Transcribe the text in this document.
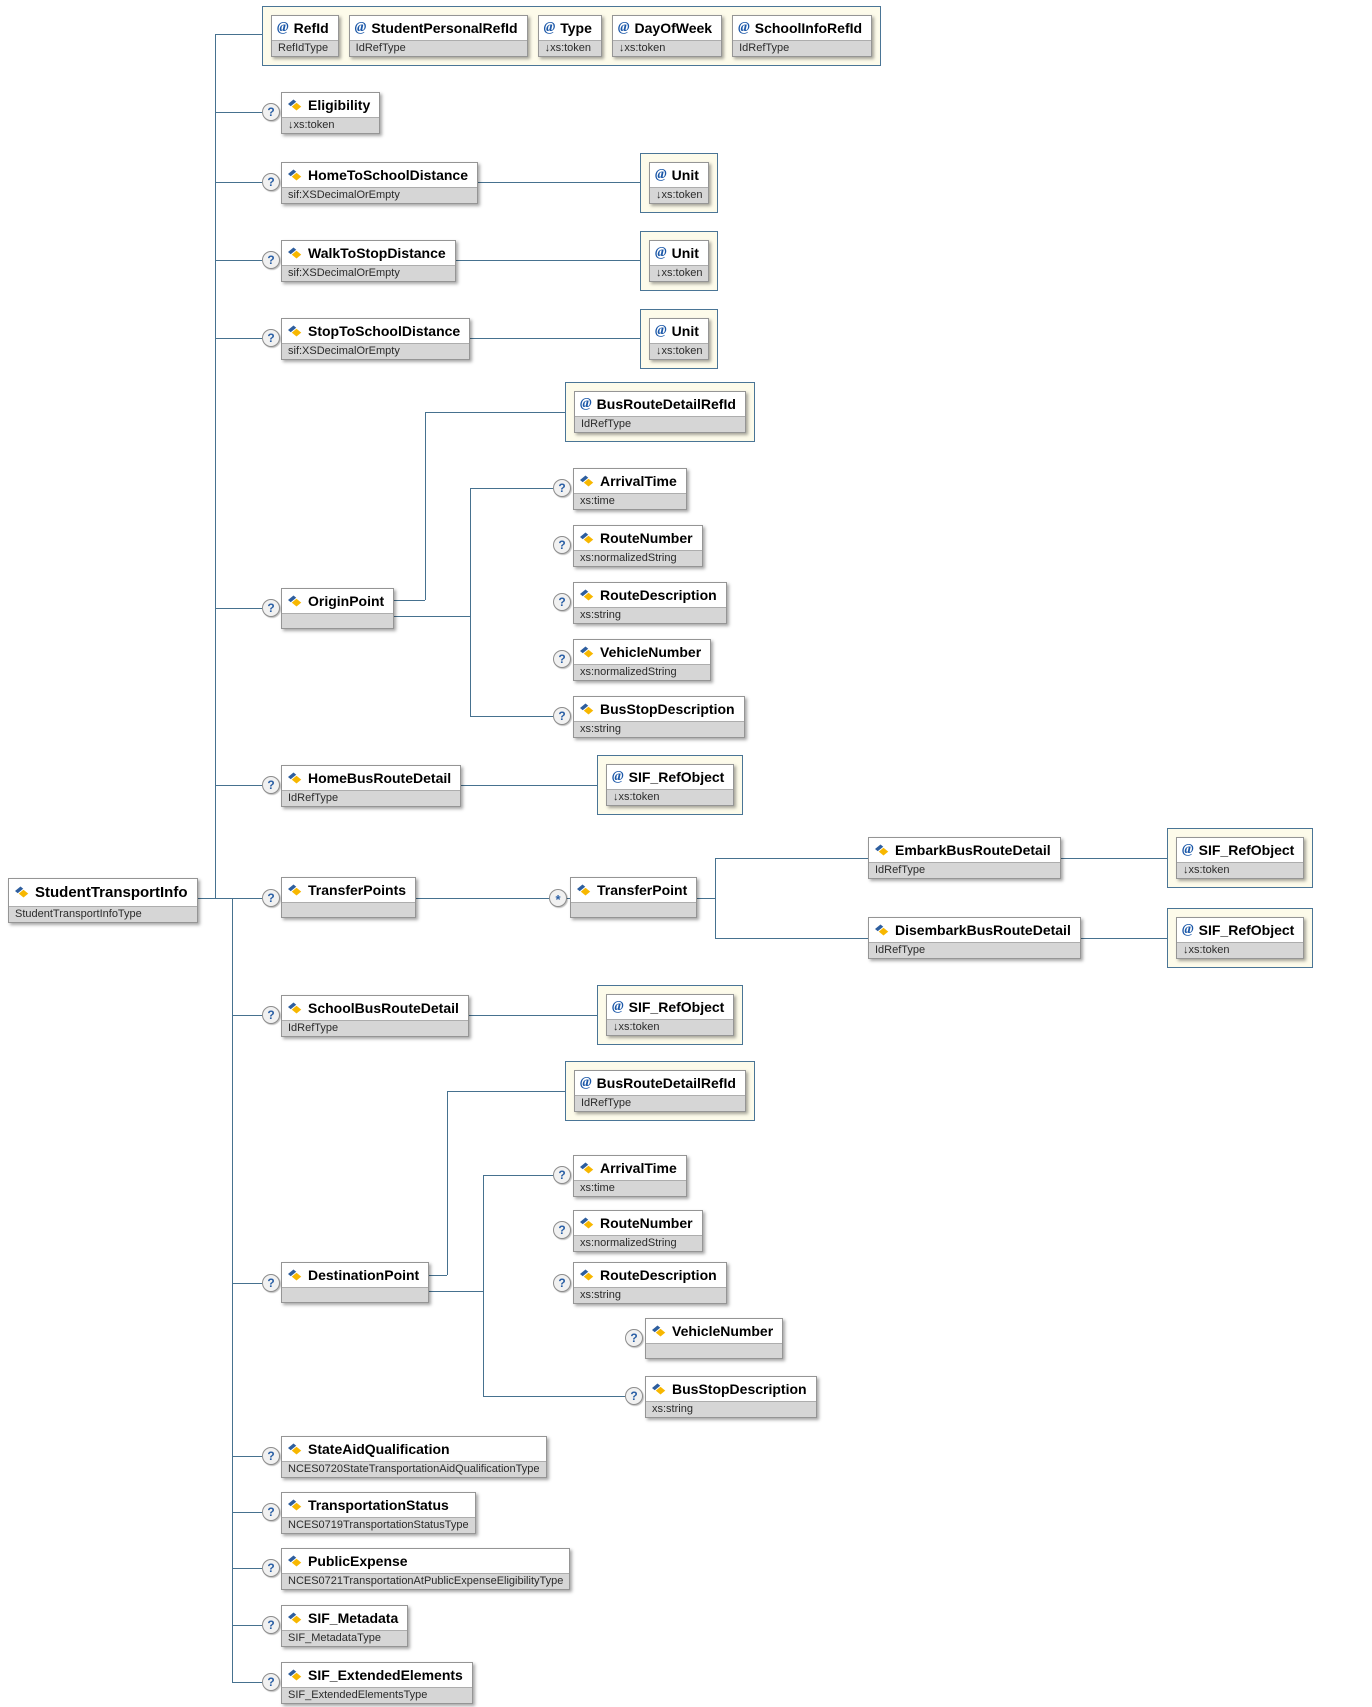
StudentTransportInfo
StudentTransportInfoType
@ RefId
RefIdType
@ StudentPersonalRefId
IdRefType
@ Type
↓xs:token
@ DayOfWeek
↓xs:token
@ SchoolInfoRefId
IdRefType
?	Eligibility
↓xs:token
?	HomeToSchoolDistance
sif:XSDecimalOrEmpty
@ Unit
↓xs:token
?	WalkToStopDistance
sif:XSDecimalOrEmpty
@ Unit
↓xs:token
?	StopToSchoolDistance
sif:XSDecimalOrEmpty
@ Unit
↓xs:token
?	OriginPoint
@ BusRouteDetailRefId
IdRefType
?	ArrivalTime
xs:time
?	RouteNumber
xs:normalizedString
?	RouteDescription
xs:string
?	VehicleNumber
xs:normalizedString
?	BusStopDescription
xs:string
?	HomeBusRouteDetail
IdRefType
@ SIF_RefObject
↓xs:token
?	TransferPoints
*
TransferPoint
EmbarkBusRouteDetail
IdRefType
@ SIF_RefObject
↓xs:token
DisembarkBusRouteDetail
IdRefType
@ SIF_RefObject
↓xs:token
?	SchoolBusRouteDetail
IdRefType
@ SIF_RefObject
↓xs:token
?	DestinationPoint
@ BusRouteDetailRefId
IdRefType
?	ArrivalTime
xs:time
?	RouteNumber
xs:normalizedString
?	RouteDescription
xs:string
?	VehicleNumber
?	BusStopDescription
xs:string
?	StateAidQualification
NCES0720StateTransportationAidQualificationType
?	TransportationStatus
NCES0719TransportationStatusType
?	PublicExpense
NCES0721TransportationAtPublicExpenseEligibilityType
?	SIF_Metadata
SIF_MetadataType
?	SIF_ExtendedElements
SIF_ExtendedElementsType
